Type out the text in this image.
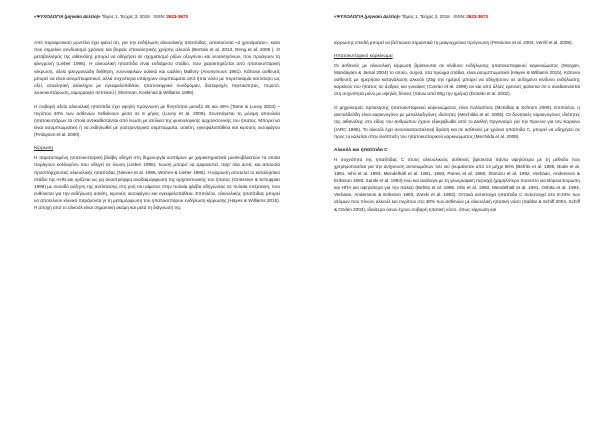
«ΨΥΧΟΛΟΓΙΑ (μηνιαίο Δελτίο)» Τόμος 1, Τεύχος 3, 2018 ISSN: 2623-3673

Από παραμεσικού μοντέλα έχει φανεί ότι, για την ενδήλωση αλκοολικής ηπατίτιδας, απαιτούνται «2 χρονίματαν», κατα που σημαίνει συνδυασμό χρόνιας και βαριάς επαναλητικής χρήσης αλκοόλ (Bertola et al. 2013, Deng et al. 2005 ). Ο μεταβολισμός της αιθανόλης μπορεί να οδηγήσει σε σχηματισμό ρίζων οξυγόνου και νεοαντιγόνων, που προάγουν τη φλεγμονή (Lieber 1995). Η αλκοολική ηπατίτιδα είναι ενδιάμεσο στάδιο, που χαρακτηρίζεται από ηπατοκυτταρική νέκρωση, οξεία φλεγμονώδη διήθηση, ευοινοφιλών υαλικά και ωαλίνη Mallory (Anonymous 1981). Κάποιοι ασθενείς μπορεί να είναι ασυμπτωματικοί, αλλά συχνότερα υπάρχουν συμπτώματα από ήπια νόσο με πυρετοκαμία και ίκτερο ως οξεί, απειλητική ολόκληρο με εγκεφαλοπάθεια, ηπατονεφρικό συνδρόμαν, διαταραχές πηκτικότητας, πυρετό, λευκοκυττάρωση, αιμορραγία πεπτικού ( Sherman, Koskinas & Williams 1995).

Η σοβαρή οξεία αλκοολική ηπατίτιδα έχει υψηλή πρόγνωση με θνητότητα μεταξύ 35 και 46% (Tame & Lucey 2004) – περίπου 40% των ασθενών πεθαίνουν μέσα σε 6 μήνες (Lucey et al. 2009). Συνεπάγεται τη μόνιμη απουλεία ηπατοκυττάρων τα οποία αντικαθίστανται από ίνωση με ατύλιεα της φυσιολογικής αρχιτεκτονικής του ήπατος. Μπορεί να είναι ασυμπτωματική ή να εκδηλωθεί με γαστρεντερικά συμπτώματα, ασκίτη, εγκεφαλοπάθεια και κιρσούς οισοφάγου (Finlayson et al. 2000).

Κίρρωση

Η παρατεταμένη ηπατοκυτταρική βλάβη οδηγεί στη δημιουργία κυττάρων με χαρακτηριστικά μυοϊνοβλαστών τα οποία παράγουν κολλαγόνο που οδηγεί σε ίνωση (Lieber 1995). Ίνωση μπορεί να εμφανιστεί, παρ' όλα αυτά, και απουσία προϋπάρχουσας αλκοολικής ηπατίτιδας (Nieves et al. 1996, Worner & Lieber 1985). Η κίρρωση αποτελεί το καταληκτικό στάδιο της ΑΗΝ και ορίζεται ως μη αναστρέψιμη αναδιαμόρφωση της αρχιτεκτονικής του ήπατος (Griessner & Schuppan 1999) με συνοδό αύξηση της αντίστασης στη ροή του αίματος στην πυλαία φλέβα οδηγώντας σε πυλαία υπέρταση, που ευθύνεται για την εκδήλωση ασκίτη, κιρσούς οισοφάγου και εγκεφαλοπάθεια. Επιπλέον, αλκοολικής ηπατίτιδας μπορεί να αποτελούν κλινικό παράγοντα γι τη μεταμόρφωση του ηπατοκυττάρου ενδήλωση κίρρωσης (Hayes & Williams 2015). Η αποχή από το αλκοόλ είναι σημαντική ακόμη και μετά τη διάγνωση της

«ΨΥΧΟΛΟΓΙΑ (μηνιαίο Δελτίο)» Τόμος 1, Τεύχος 3, 2018 ISSN: 2623-3673

κίρρωσης επειδή μπορεί να βελτιώσει σημαντικά τη μακροχρόνια πρόγνωση (Pessione et al. 2003, Verrill et al. 2009).

Ηπατοκυτταρικό καρκίνωμα

Οι ασθενείς με αλκοολική κίρρωση βρίσκονται σε κίνδυνο ενδήλωσης ηπατοκυτταρικού καρκινώματος (Morgan, Mandayam & Jamal 2004) το οποίο, συχνά, στα πρώιμα στάδια, είναι ασυμπτωματικό (Hayes & Williams 2015). Κάποιοι ασθενείς με ημερήσια κατανάλωση αλκοόλ (25g την ημέρα) μπορεί να οδηγήσουν σε αυξημένο κίνδυνο ενδήλωσης καρκίνου του ήπατος σε άνδρες και γυναίκες (Corrao et al. 1999) αν και από άλλες έρευνες φαίνεται ότι ο αναδεικνύεται στη συχνότητα μόνο με υψηλές δόσεις (πάνω από 80g την ημέρα) (Donato et al. 2002).

Ο μηχανισμός πρόκλησης ηπατοκυτταρικού καρκινώματος είναι πολλαπλός (McKillop & Schrum 2009). Επιπλέον, η ακεταλδεΰδη είναι καρκινογόνο με μεταλλαξιγόνες ιδιότητες (Mechilda et al. 2009). Οι δυνητικές καρκινογόνες ιδιότητες της αιθανόλης στο είδος του ανθρώπου έχουν εξακριβωθεί από το Διεθνή Οργανισμό για την Έρευνα για τον Καρκίνο (IARC 1999). Το αλκοόλ έχει ανοσοκατασταλτική δράση και σε ασθενείς με χρόνια ηπατίτιδα C, μπορεί να οδηγήσει σε προς το καλείται στην ανάπτυξη του ηπατοκυτταρικού καρκινώματος (Mechilda et al. 2009).

Αλκοόλ και ηπατίτιδα C

Η συχνότητα της ηπατίτιδας C στους αλκοολικούς ασθενείς βρίσκεται πάντα υψηλότερα με τη μέθοδο που χρησιμοποιείται για την ανίχνευση αντισωμάτων του ιού (κυμαίνεται από 14 μέχρι 50% (Befrits et al. 1995, Bode et al. 1991, Ishii et al. 1993, Mendelhall et al. 1991, 1993, Panes et al. 1990, Shimizu et al. 1992, Verbaan, Andersson & Eriksson 1993, Zarski et al. 1993) ενώ και ανάλογα με τη γεωγραφική περιοχή (χαμηλότερο ποσοστό για Βόρεια Ευρώπη και ΗΠΑ και υψηλότερα για την Ιταλία) (Befrits et al. 1995, Ishii et al. 1993, Mendelhall et al. 1991, Oshita et al. 1994, Verbaan, Andersson & Eriksson 1993, Zarski et al. 1993). Οπτικά αντιστοιχα ηπατίτιδα C αντιστοιχεί στο 8-24% των ατόμων που πίνουν αλκοόλ και περίπου στο 30% των ασθενών με αλκοολική ηπατική νόσο (Safdar & Schiff 2004, Schiff & Ozden 2003), ιδιαίτερα όσων έχουν σοβαρή ηπατική νόσο, όπως κίρρωση και
